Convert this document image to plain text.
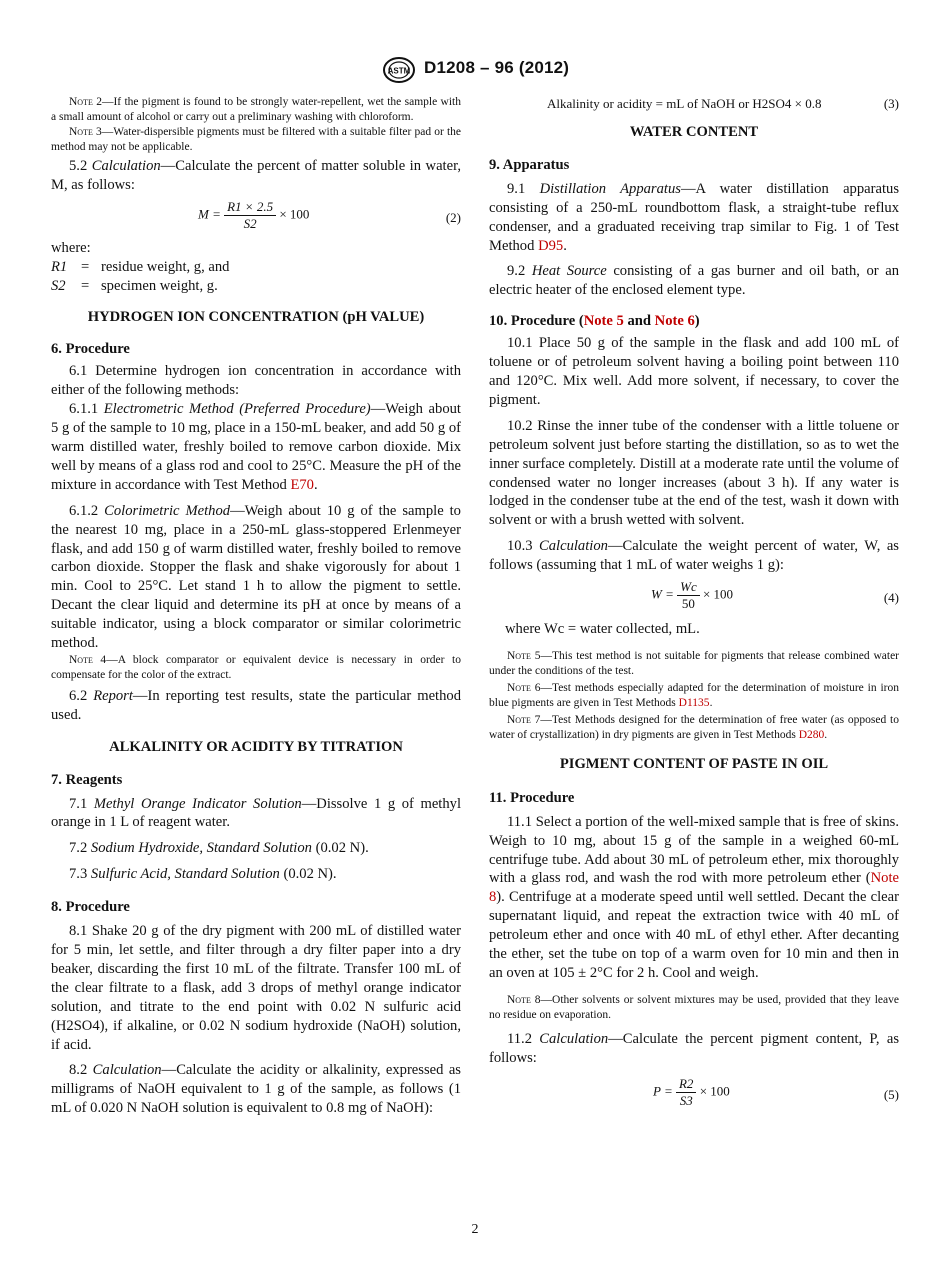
ASTM D1208 – 96 (2012)

Note 2—If the pigment is found to be strongly water-repellent, wet the sample with a small amount of alcohol or carry out a preliminary washing with chloroform.

Note 3—Water-dispersible pigments must be filtered with a suitable filter pad or the method may not be applicable.

5.2 Calculation—Calculate the percent of matter soluble in water, M, as follows:

$M = \frac{R1 \times 2.5}{S2} \times 100$	(2)

where:

R1 = residue weight, g, and
S2	= specimen weight, g.

HYDROGEN ION CONCENTRATION (pH VALUE)

6. Procedure

6.1 Determine hydrogen ion concentration in accordance with either of the following methods:

6.1.1 Electrometric Method (Preferred Procedure)—Weigh about 5 g of the sample to 10 mg, place in a 150-mL beaker, and add 50 g of warm distilled water, freshly boiled to remove carbon dioxide. Mix well by means of a glass rod and cool to 25°C. Measure the pH of the mixture in accordance with Test Method E70.

6.1.2 Colorimetric Method—Weigh about 10 g of the sample to the nearest 10 mg, place in a 250-mL glass-stoppered Erlenmeyer flask, and add 150 g of warm distilled water, freshly boiled to remove carbon dioxide. Stopper the flask and shake vigorously for about 1 min. Cool to 25°C. Let stand 1 h to allow the pigment to settle. Decant the clear liquid and determine its pH at once by means of a suitable indicator, using a block comparator or similar colorimetric method.

Note 4—A block comparator or equivalent device is necessary in order to compensate for the color of the extract.

6.2 Report—In reporting test results, state the particular method used.

ALKALINITY OR ACIDITY BY TITRATION

7. Reagents

7.1 Methyl Orange Indicator Solution—Dissolve 1 g of methyl orange in 1 L of reagent water.

7.2 Sodium Hydroxide, Standard Solution (0.02 N).

7.3 Sulfuric Acid, Standard Solution (0.02 N).

8. Procedure

8.1 Shake 20 g of the dry pigment with 200 mL of distilled water for 5 min, let settle, and filter through a dry filter paper into a dry beaker, discarding the first 10 mL of the filtrate. Transfer 100 mL of the clear filtrate to a flask, add 3 drops of methyl orange indicator solution, and titrate to the end point with 0.02 N sulfuric acid (H2SO4), if alkaline, or 0.02 N sodium hydroxide (NaOH) solution, if acid.

8.2 Calculation—Calculate the acidity or alkalinity, expressed as milligrams of NaOH equivalent to 1 g of the sample, as follows (1 mL of 0.020 N NaOH solution is equivalent to 0.8 mg of NaOH):

Alkalinity or acidity = mL of NaOH or H2SO4 × 0.8	(3)

WATER CONTENT

9. Apparatus

9.1 Distillation Apparatus—A water distillation apparatus consisting of a 250-mL roundbottom flask, a straight-tube reflux condenser, and a graduated receiving trap similar to Fig. 1 of Test Method D95.

9.2 Heat Source consisting of a gas burner and oil bath, or an electric heater of the enclosed element type.

10. Procedure (Note 5 and Note 6)

10.1 Place 50 g of the sample in the flask and add 100 mL of toluene or of petroleum solvent having a boiling point between 110 and 120°C. Mix well. Add more solvent, if necessary, to cover the pigment.

10.2 Rinse the inner tube of the condenser with a little toluene or petroleum solvent just before starting the distillation, so as to wet the inner surface completely. Distill at a moderate rate until the volume of condensed water no longer increases (about 3 h). If any water is lodged in the condenser tube at the end of the test, wash it down with solvent or with a brush wetted with solvent.

10.3 Calculation—Calculate the weight percent of water, W, as follows (assuming that 1 mL of water weighs 1 g):

$W = \frac{Wc}{50} \times 100$	(4)

where Wc = water collected, mL.

Note 5—This test method is not suitable for pigments that release combined water under the conditions of the test.

Note 6—Test methods especially adapted for the determination of moisture in iron blue pigments are given in Test Methods D1135.

Note 7—Test Methods designed for the determination of free water (as opposed to water of crystallization) in dry pigments are given in Test Methods D280.

PIGMENT CONTENT OF PASTE IN OIL

11. Procedure

11.1 Select a portion of the well-mixed sample that is free of skins. Weigh to 10 mg, about 15 g of the sample in a weighed 60-mL centrifuge tube. Add about 30 mL of petroleum ether, mix thoroughly with a glass rod, and wash the rod with more petroleum ether (Note 8). Centrifuge at a moderate speed until well settled. Decant the clear supernatant liquid, and repeat the extraction twice with 40 mL of petroleum ether and once with 40 mL of ethyl ether. After decanting the ether, set the tube on top of a warm oven for 10 min and then in an oven at 105 ± 2°C for 2 h. Cool and weigh.

Note 8—Other solvents or solvent mixtures may be used, provided that they leave no residue on evaporation.

11.2 Calculation—Calculate the percent pigment content, P, as follows:

$P = \frac{R2}{S3} \times 100$	(5)
2
